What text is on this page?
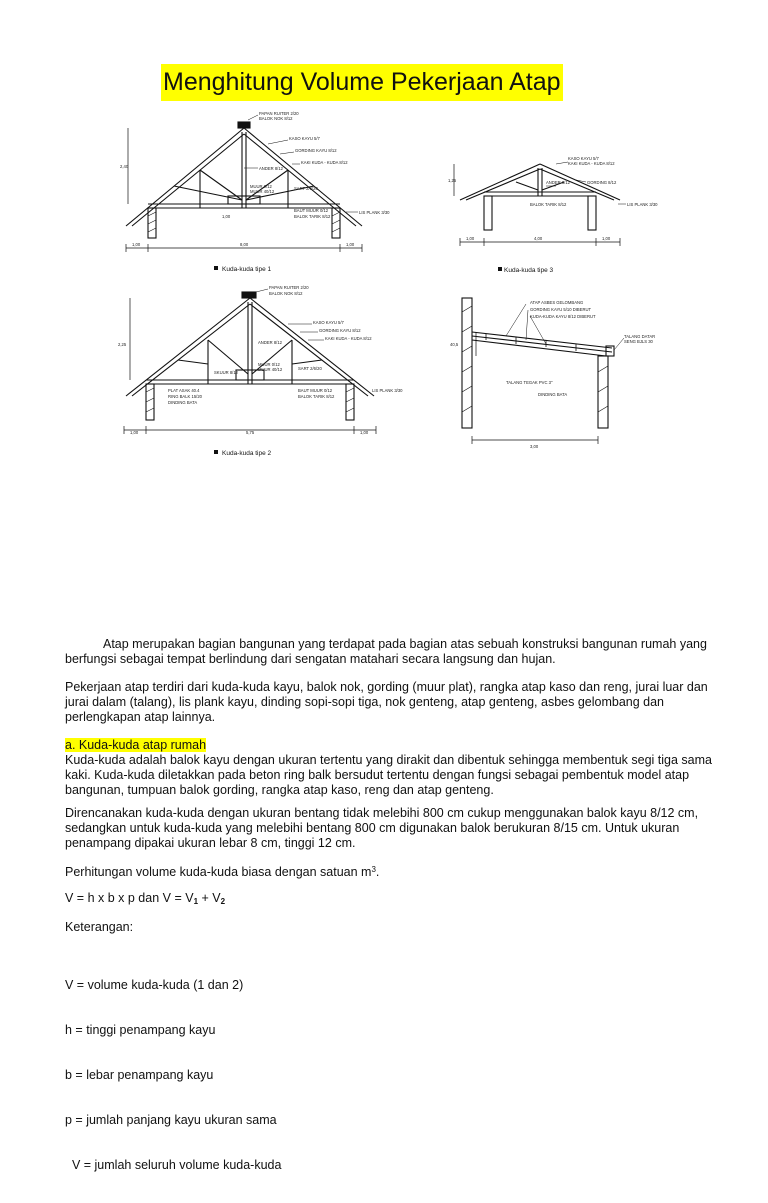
Menghitung Volume Pekerjaan Atap
PAPAN RUITER 2/20
BALOK NOK 8/12
KASO KAYU 5/7
GORDING KAYU 8/12
KAKI KUDA - KUDA 8/12
ANDER 8/12
MUUR 0/12
MUUR 40/12
SART 2/6/20
BAUT MUUR 0/12
BALOK TARIK 8/12
LIS PLANK 3/30
2,40
1,00
8,00
1,00	1,00
Kuda-kuda tipe 1
KASO KAYU 5/7
KAKI KUDA - KUDA 8/12
GORDING 8/12
ANDER 8/12
BALOK TARIK 8/12	LIS PLANK 3/30
1,25
1,00	4,00	1,00
Kuda-kuda tipe 3
PAPAN RUITER 2/20
BALOK NOK 8/12
KASO KAYU 5/7
GORDING KAYU 8/12
KAKI KUDA - KUDA 8/12
ANDER 8/12
SKUUR 8/12
MUUR 0/12
MUUR 40/12	SART 2/6/20
PLAT ASAK 40.4
RING BALK 15/20
DINDING BATA
BAUT MUUR 0/12
BALOK TARIK 8/12
LIS PLANK 3/30
2,25
1,00	5,75	1,00
Kuda-kuda tipe 2
ATAP ASBES GELOMBANG
GORDING KAYU 5/10 DIBERUT
KUDA-KUDA KAYU 8/12 DIBERUT
TALANG DATAR
SENG BJLS 30
TALANG TEGAK PVC 3"
DINDING BATA
40,5
3,00

Atap merupakan bagian bangunan yang terdapat pada bagian atas sebuah konstruksi bangunan rumah yang berfungsi sebagai tempat berlindung dari sengatan matahari secara langsung dan hujan.

Pekerjaan atap terdiri dari kuda-kuda kayu, balok nok, gording (muur plat), rangka atap kaso dan reng, jurai luar dan jurai dalam (talang), lis plank kayu, dinding sopi-sopi tiga, nok genteng, atap genteng, asbes gelombang dan perlengkapan atap lainnya.

a. Kuda-kuda atap rumah

Kuda-kuda adalah balok kayu dengan ukuran tertentu yang dirakit dan dibentuk sehingga membentuk segi tiga sama kaki. Kuda-kuda diletakkan pada beton ring balk bersudut tertentu dengan fungsi sebagai pembentuk model atap bangunan, tumpuan balok gording, rangka atap kaso, reng dan atap genteng.

Direncanakan kuda-kuda dengan ukuran bentang tidak melebihi 800 cm cukup menggunakan balok kayu 8/12 cm, sedangkan untuk kuda-kuda yang melebihi bentang 800 cm digunakan balok berukuran 8/15 cm. Untuk ukuran penampang dipakai ukuran lebar 8 cm, tinggi 12 cm.

Perhitungan volume kuda-kuda biasa dengan satuan $m^3$.

V = h x b x p dan $V = V_1 + V_2$

Keterangan:

V = volume kuda-kuda (1 dan 2)

h = tinggi penampang kayu

b = lebar penampang kayu

p = jumlah panjang kayu ukuran sama

V = jumlah seluruh volume kuda-kuda
